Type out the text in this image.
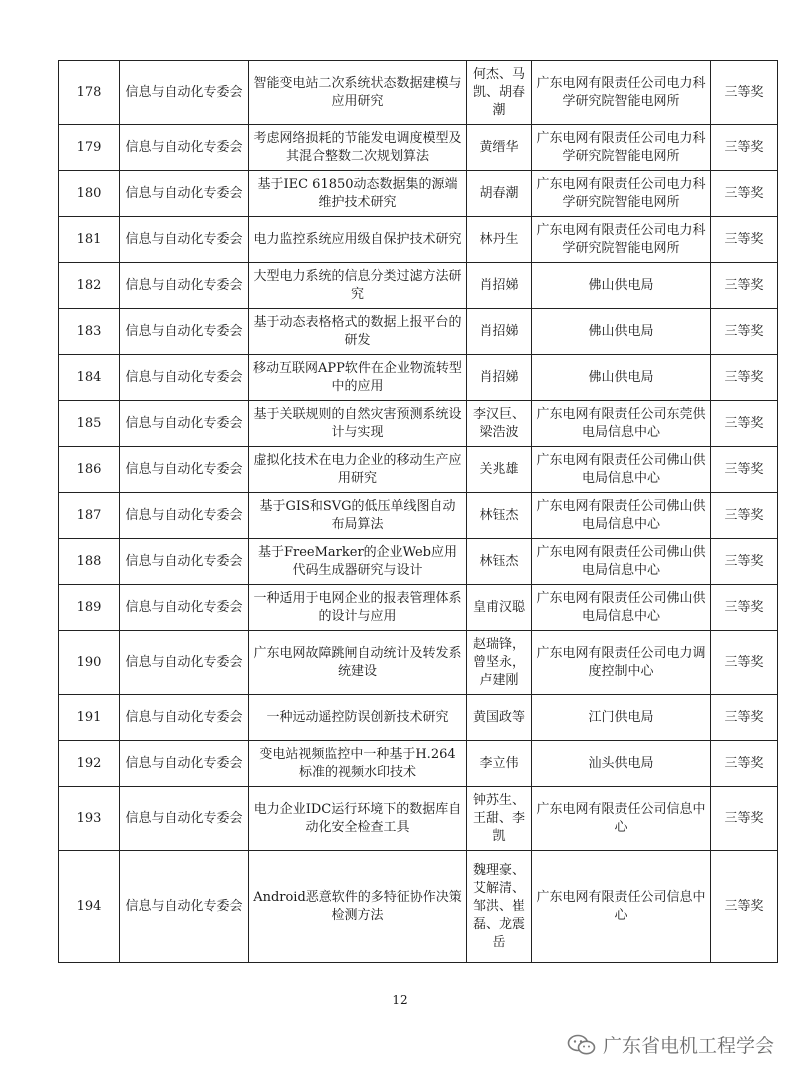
178	信息与自动化专委会	智能变电站二次系统状态数据建模与应用研究	何杰、马凯、胡春潮	广东电网有限责任公司电力科学研究院智能电网所	三等奖

179	信息与自动化专委会	考虑网络损耗的节能发电调度模型及其混合整数二次规划算法	黄缙华	广东电网有限责任公司电力科学研究院智能电网所	三等奖

180	信息与自动化专委会	基于IEC 61850动态数据集的源端维护技术研究	胡春潮	广东电网有限责任公司电力科学研究院智能电网所	三等奖

181	信息与自动化专委会	电力监控系统应用级自保护技术研究	林丹生	广东电网有限责任公司电力科学研究院智能电网所	三等奖

182	信息与自动化专委会	大型电力系统的信息分类过滤方法研究	肖招娣	佛山供电局	三等奖

183	信息与自动化专委会	基于动态表格格式的数据上报平台的研发	肖招娣	佛山供电局	三等奖

184	信息与自动化专委会	移动互联网APP软件在企业物流转型中的应用	肖招娣	佛山供电局	三等奖

185	信息与自动化专委会	基于关联规则的自然灾害预测系统设计与实现	李汉巨、梁浩波	广东电网有限责任公司东莞供电局信息中心	三等奖

186	信息与自动化专委会	虚拟化技术在电力企业的移动生产应用研究	关兆雄	广东电网有限责任公司佛山供电局信息中心	三等奖

187	信息与自动化专委会	基于GIS和SVG的低压单线图自动布局算法	林钰杰	广东电网有限责任公司佛山供电局信息中心	三等奖

188	信息与自动化专委会	基于FreeMarker的企业Web应用代码生成器研究与设计	林钰杰	广东电网有限责任公司佛山供电局信息中心	三等奖

189	信息与自动化专委会	一种适用于电网企业的报表管理体系的设计与应用	皇甫汉聪	广东电网有限责任公司佛山供电局信息中心	三等奖

190	信息与自动化专委会	广东电网故障跳闸自动统计及转发系统建设	赵瑞锋，曾坚永，卢建刚	广东电网有限责任公司电力调度控制中心	三等奖

191	信息与自动化专委会	一种远动遥控防误创新技术研究	黄国政等	江门供电局	三等奖

192	信息与自动化专委会	变电站视频监控中一种基于H.264标准的视频水印技术	李立伟	汕头供电局	三等奖

193	信息与自动化专委会	电力企业IDC运行环境下的数据库自动化安全检查工具	钟苏生、王甜、李凯	广东电网有限责任公司信息中心	三等奖

194	信息与自动化专委会	Android恶意软件的多特征协作决策检测方法	魏理豪、艾解清、邹洪、崔磊、龙震岳	广东电网有限责任公司信息中心	三等奖
12
广东省电机工程学会
